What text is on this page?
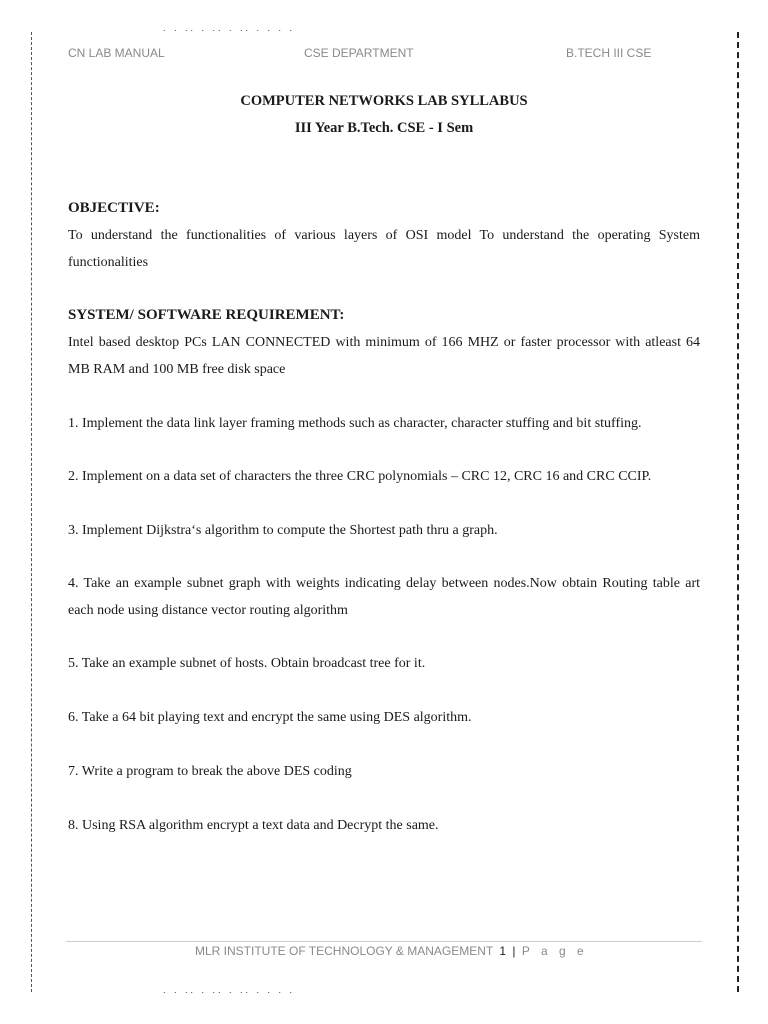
. . .. . .. . .. . . . .
CN LAB MANUAL	CSE DEPARTMENT	B.TECH III CSE
COMPUTER NETWORKS LAB SYLLABUS
III Year B.Tech. CSE - I Sem
OBJECTIVE:
To understand the functionalities of various layers of OSI model To understand the operating System functionalities
SYSTEM/ SOFTWARE REQUIREMENT:
Intel based desktop PCs LAN CONNECTED with minimum of 166 MHZ or faster processor with atleast 64 MB RAM and 100 MB free disk space
1. Implement the data link layer framing methods such as character, character stuffing and bit stuffing.
2. Implement on a data set of characters the three CRC polynomials – CRC 12, CRC 16 and CRC CCIP.
3. Implement Dijkstra‘s algorithm to compute the Shortest path thru a graph.
4. Take an example subnet graph with weights indicating delay between nodes.Now obtain Routing table art each node using distance vector routing algorithm
5. Take an example subnet of hosts. Obtain broadcast tree for it.
6. Take a 64 bit playing text and encrypt the same using DES algorithm.
7. Write a program to break the above DES coding
8. Using RSA algorithm encrypt a text data and Decrypt the same.
MLR INSTITUTE OF TECHNOLOGY & MANAGEMENT 1 | P a g e
. . .. . .. . .. . . . .
